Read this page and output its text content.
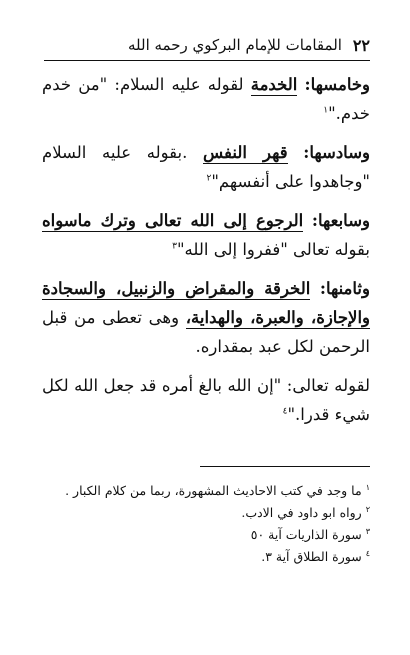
المقامات للإمام البركوي رحمه الله ٢٢

وخامسها: الخدمة لقوله عليه السلام: "من خدم خدم."$^١$

وسادسها: قهر النفس .بقوله عليه السلام "وجاهدوا على أنفسهم"$^٢$

وسابعها: الرجوع إلى الله تعالى وترك ماسواه بقوله تعالى "ففروا إلى الله"$^٣$

وثامنها: الخرقة والمقراض والزنبيل، والسجادة والإجازة، والعبرة، والهداية، وهى تعطى من قبل الرحمن لكل عبد بمقداره.

لقوله تعالى: "إن الله بالغ أمره قد جعل الله لكل شيء قدرا."$^٤$

$^١$ما وجد في كتب الاحاديث المشهورة، ربما من كلام الكبار .
$^٢$رواه ابو داود في الادب.
$^٣$سورة الذاريات آية ٥٠
$^٤$سورة الطلاق آية ٣.
